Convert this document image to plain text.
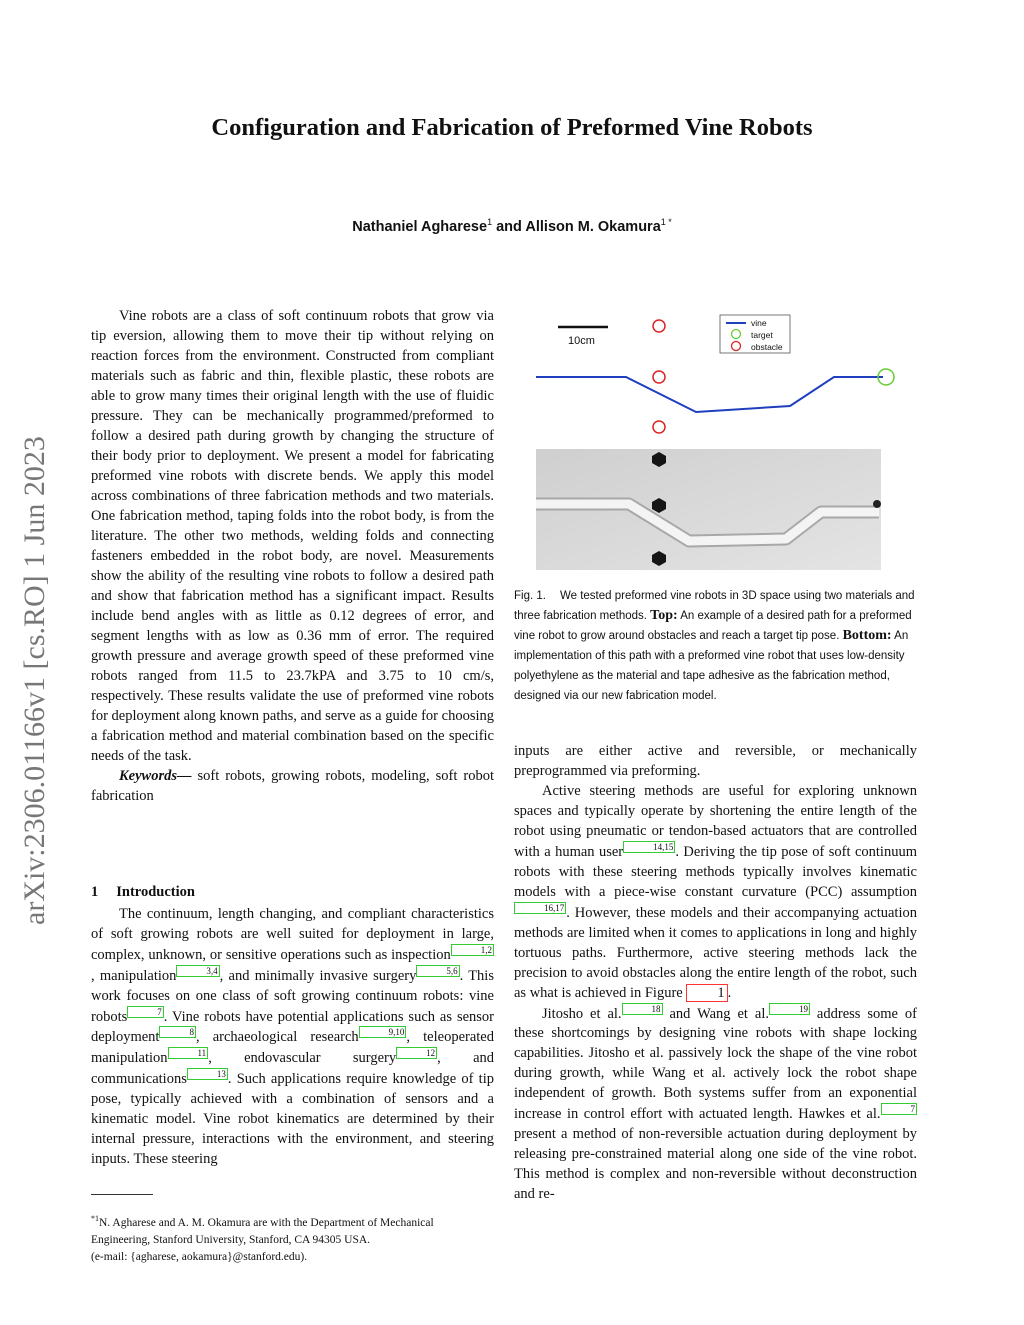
arXiv:2306.01166v1 [cs.RO] 1 Jun 2023
Configuration and Fabrication of Preformed Vine Robots
Nathaniel Agharese$^1$ and Allison M. Okamura$^{1 *}$

Vine robots are a class of soft continuum robots that grow via tip eversion, allowing them to move their tip without relying on reaction forces from the environment. Constructed from compliant materials such as fabric and thin, flexible plastic, these robots are able to grow many times their original length with the use of fluidic pressure. They can be mechanically programmed/preformed to follow a desired path during growth by changing the structure of their body prior to deployment. We present a model for fabricating preformed vine robots with discrete bends. We apply this model across combinations of three fabrication methods and two materials. One fabrication method, taping folds into the robot body, is from the literature. The other two methods, welding folds and connecting fasteners embedded in the robot body, are novel. Measurements show the ability of the resulting vine robots to follow a desired path and show that fabrication method has a significant impact. Results include bend angles with as little as 0.12 degrees of error, and segment lengths with as low as 0.36 mm of error. The required growth pressure and average growth speed of these preformed vine robots ranged from 11.5 to 23.7kPA and 3.75 to 10 cm/s, respectively. These results validate the use of preformed vine robots for deployment along known paths, and serve as a guide for choosing a fabrication method and material combination based on the specific needs of the task.

Keywords— soft robots, growing robots, modeling, soft robot fabrication

1 Introduction

The continuum, length changing, and compliant characteristics of soft growing robots are well suited for deployment in large, complex, unknown, or sensitive operations such as inspection	1,2, manipulation	3,4 , and minimally invasive surgery	5,6 . This work focuses on one class of soft growing continuum robots: vine robots	7 . Vine robots have potential applications such as sensor deployment	8 , archaeological research	9,10 , teleoperated manipulation	11 , endovascular surgery	12 , and communications	13 . Such applications require knowledge of tip pose, typically achieved with a combination of sensors and a kinematic model. Vine robot kinematics are determined by their internal pressure, interactions with the environment, and steering inputs. These steering

$^{*1}$N. Agharese and A. M. Okamura are with the Department of Mechanical Engineering, Stanford University, Stanford, CA 94305 USA.
(e-mail: {agharese, aokamura}@stanford.edu).
10cm
vine
target
obstacle
Fig. 1. We tested preformed vine robots in 3D space using two materials and three fabrication methods. Top: An example of a desired path for a preformed vine robot to grow around obstacles and reach a target tip pose. Bottom: An implementation of this path with a preformed vine robot that uses low-density polyethylene as the material and tape adhesive as the fabrication method, designed via our new fabrication model.

inputs are either active and reversible, or mechanically preprogrammed via preforming.

Active steering methods are useful for exploring unknown spaces and typically operate by shortening the entire length of the robot using pneumatic or tendon-based actuators that are controlled with a human user	14,15 . Deriving the tip pose of soft continuum robots with these steering methods typically involves kinematic models with a piece-wise constant curvature (PCC) assumption16,17 . However, these models and their accompanying actuation methods are limited when it comes to applications in long and highly tortuous paths. Furthermore, active steering methods lack the precision to avoid obstacles along the entire length of the robot, such as what is achieved in Figure 1 .

Jitosho et al.	18 and Wang et al.	19 address some of these shortcomings by designing vine robots with shape locking capabilities. Jitosho et al. passively lock the shape of the vine robot during growth, while Wang et al. actively lock the robot shape independent of growth. Both systems suffer from an exponential increase in control effort with actuated length. Hawkes et al.	7 present a method of non-reversible actuation during deployment by releasing pre-constrained material along one side of the vine robot. This method is complex and non-reversible without deconstruction and re-
